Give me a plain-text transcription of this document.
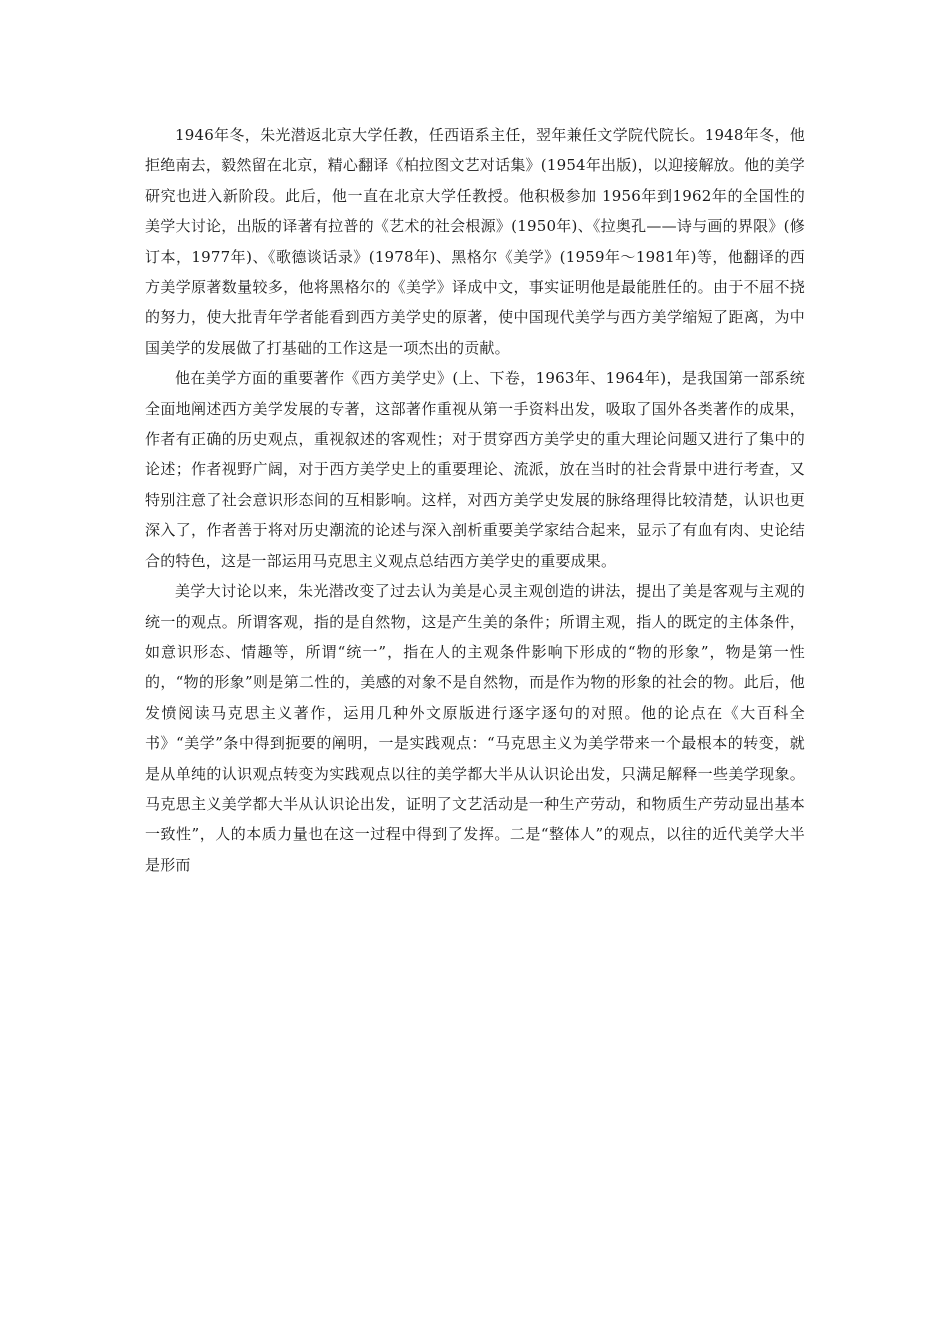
1946年冬，朱光潜返北京大学任教，任西语系主任，翌年兼任文学院代院长。1948年冬，他拒绝南去，毅然留在北京，精心翻译《柏拉图文艺对话集》(1954年出版)，以迎接解放。他的美学研究也进入新阶段。此后，他一直在北京大学任教授。他积极参加 1956年到1962年的全国性的美学大讨论，出版的译著有拉普的《艺术的社会根源》(1950年)、《拉奥孔——诗与画的界限》(修订本，1977年)、《歌德谈话录》(1978年)、黑格尔《美学》(1959年～1981年)等，他翻译的西方美学原著数量较多，他将黑格尔的《美学》译成中文，事实证明他是最能胜任的。由于不屈不挠的努力，使大批青年学者能看到西方美学史的原著，使中国现代美学与西方美学缩短了距离，为中国美学的发展做了打基础的工作这是一项杰出的贡献。

他在美学方面的重要著作《西方美学史》(上、下卷，1963年、1964年)，是我国第一部系统全面地阐述西方美学发展的专著，这部著作重视从第一手资料出发，吸取了国外各类著作的成果，作者有正确的历史观点，重视叙述的客观性；对于贯穿西方美学史的重大理论问题又进行了集中的论述；作者视野广阔，对于西方美学史上的重要理论、流派，放在当时的社会背景中进行考查，又特别注意了社会意识形态间的互相影响。这样，对西方美学史发展的脉络理得比较清楚，认识也更深入了，作者善于将对历史潮流的论述与深入剖析重要美学家结合起来，显示了有血有肉、史论结合的特色，这是一部运用马克思主义观点总结西方美学史的重要成果。

美学大讨论以来，朱光潜改变了过去认为美是心灵主观创造的讲法，提出了美是客观与主观的统一的观点。所谓客观，指的是自然物，这是产生美的条件；所谓主观，指人的既定的主体条件，如意识形态、情趣等，所谓“统一”，指在人的主观条件影响下形成的“物的形象”，物是第一性的，“物的形象”则是第二性的，美感的对象不是自然物，而是作为物的形象的社会的物。此后，他发愤阅读马克思主义著作，运用几种外文原版进行逐字逐句的对照。他的论点在《大百科全书》“美学”条中得到扼要的阐明，一是实践观点：“马克思主义为美学带来一个最根本的转变，就是从单纯的认识观点转变为实践观点以往的美学都大半从认识论出发，只满足解释一些美学现象。马克思主义美学都大半从认识论出发，证明了文艺活动是一种生产劳动，和物质生产劳动显出基本一致性”，人的本质力量也在这一过程中得到了发挥。二是“整体人”的观点，以往的近代美学大半是形而
